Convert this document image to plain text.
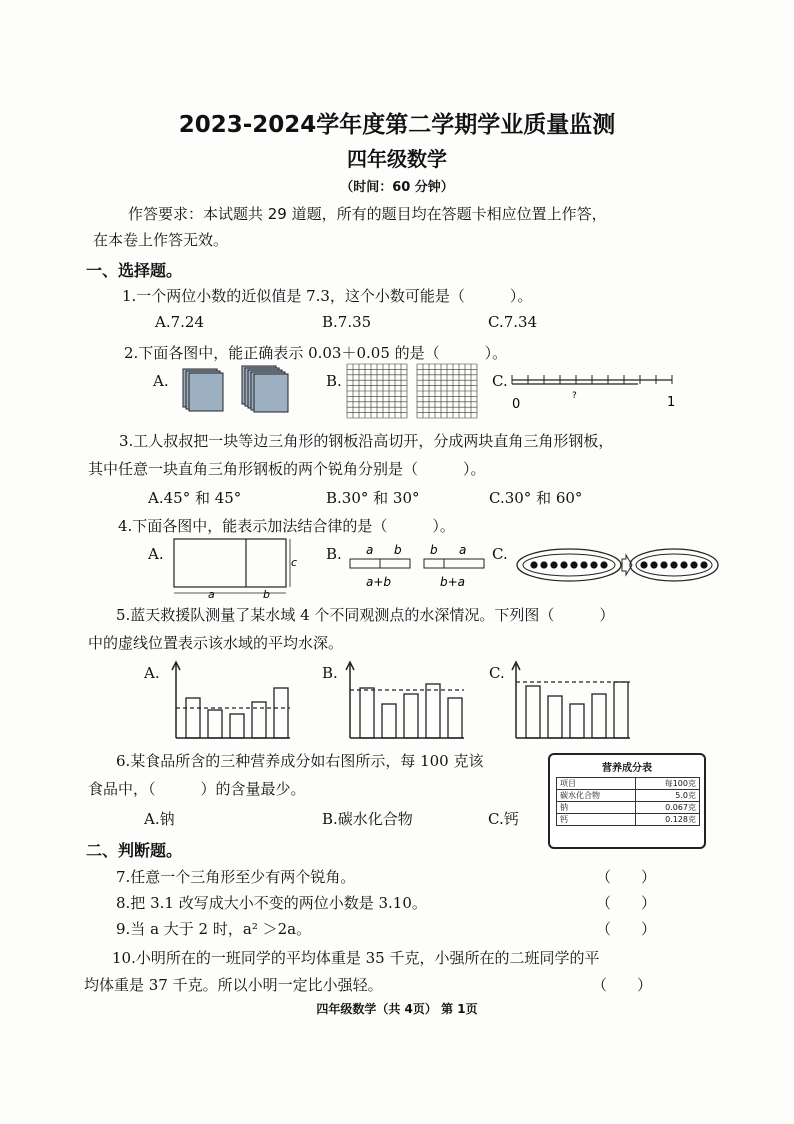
2023-2024学年度第二学期学业质量监测
四年级数学
（时间：60 分钟）
作答要求：本试题共 29 道题，所有的题目均在答题卡相应位置上作答，
在本卷上作答无效。
一、选择题。
1.一个两位小数的近似值是 7.3，这个小数可能是（　　　）。
A.7.24	B.7.35	C.7.34
2.下面各图中，能正确表示 0.03＋0.05 的是（　　　）。
A.	B.	C.
0
?	1
3.工人叔叔把一块等边三角形的钢板沿高切开，分成两块直角三角形钢板，
其中任意一块直角三角形钢板的两个锐角分别是（　　　）。
A.45° 和 45°	B.30° 和 30°	C.30° 和 60°
4.下面各图中，能表示加法结合律的是（　　　）。
A.	c
a	b
B. a b
a+b
b a
b+a
C.
5.蓝天救援队测量了某水域 4 个不同观测点的水深情况。下列图（　　　）
中的虚线位置表示该水域的平均水深。
A.	B.	C.
6.某食品所含的三种营养成分如右图所示，每 100 克该
食品中，（　　　）的含量最少。
A.钠	B.碳水化合物	C.钙
营养成分表
项目	每100克
碳水化合物	5.0克
钠	0.067克
钙	0.128克
二、判断题。
7.任意一个三角形至少有两个锐角。	（　　）
8.把 3.1 改写成大小不变的两位小数是 3.10。	（　　）
9.当 a 大于 2 时，a² ＞2a。	（　　）
10.小明所在的一班同学的平均体重是 35 千克，小强所在的二班同学的平
均体重是 37 千克。所以小明一定比小强轻。	（　　）
四年级数学（共 4页） 第 1页
